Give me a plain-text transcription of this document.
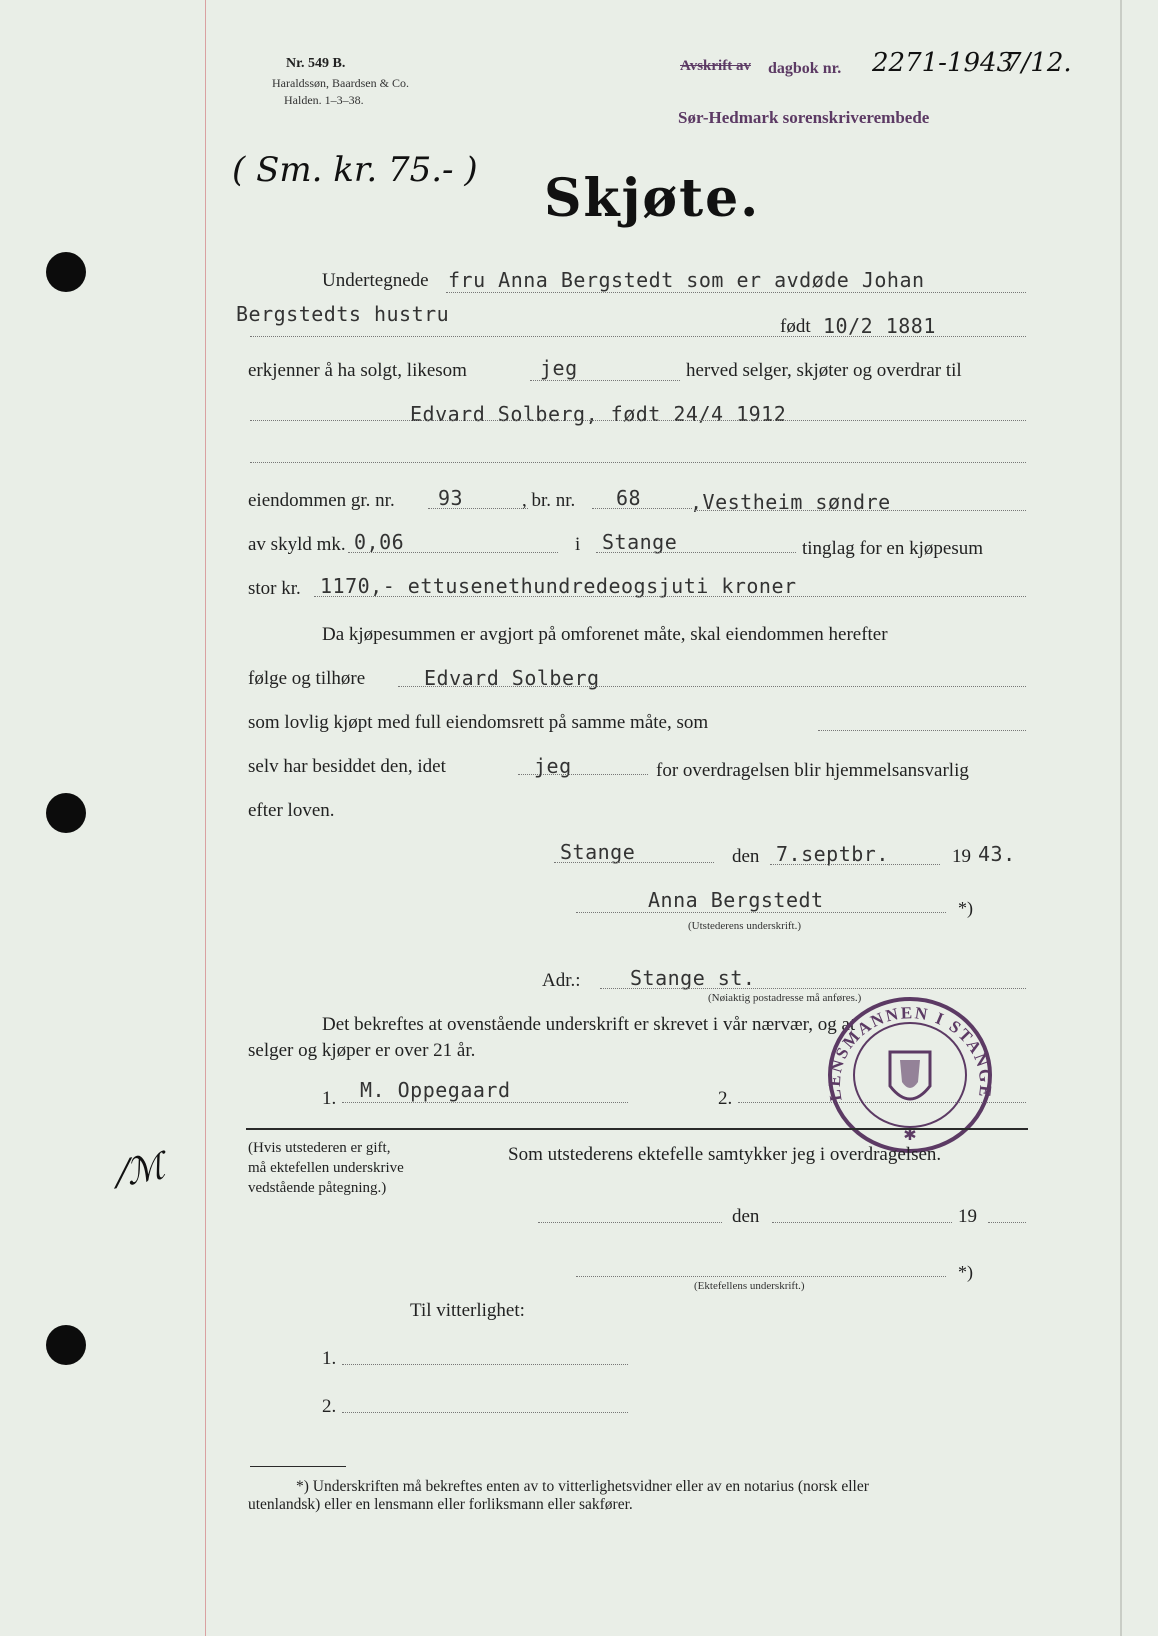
Nr. 549 B.
Haraldssøn, Baardsen & Co.
Halden. 1–3–38.
Avskrift av dagbok nr. 2271-1943
7/12.
Sør-Hedmark sorenskriverembede
( Sm. kr. 75.- ) Skjøte.
Undertegnede fru Anna Bergstedt som er avdøde Johan
Bergstedts hustru
født 10/2 1881
erkjenner å ha solgt, likesom	jeg	herved selger, skjøter og overdrar til
Edvard Solberg, født 24/4 1912
eiendommen gr. nr. 93	, br. nr. 68 ,Vestheim søndre
av skyld mk. 0,06	i Stange	tinglag for en kjøpesum
stor kr. 1170,- ettusenethundredeogsjuti kroner
Da kjøpesummen er avgjort på omforenet måte, skal eiendommen herefter
følge og tilhøre	Edvard Solberg
som lovlig kjøpt med full eiendomsrett på samme måte, som
selv har besiddet den, idet	jeg	for overdragelsen blir hjemmelsansvarlig
efter loven.
Stange	den 7.septbr.	19 43.
Anna Bergstedt	*)
(Utstederens underskrift.)
Adr.: Stange st.
(Nøiaktig postadresse må anføres.)
Det bekreftes at ovenstående underskrift er skrevet i vår nærvær, og at
selger og kjøper er over 21 år.
1. M. Oppegaard	2.	LENSMANNEN I STANGE
✱
(Hvis utstederen er gift,
må ektefellen underskrive
vedstående påtegning.)
⁄ℳ	Som utstederens ektefelle samtykker jeg i overdragelsen.
den	19
*)
(Ektefellens underskrift.)
Til vitterlighet:
1.
2.
*) Underskriften må bekreftes enten av to vitterlighetsvidner eller av en notarius (norsk eller
utenlandsk) eller en lensmann eller forliksmann eller sakfører.
